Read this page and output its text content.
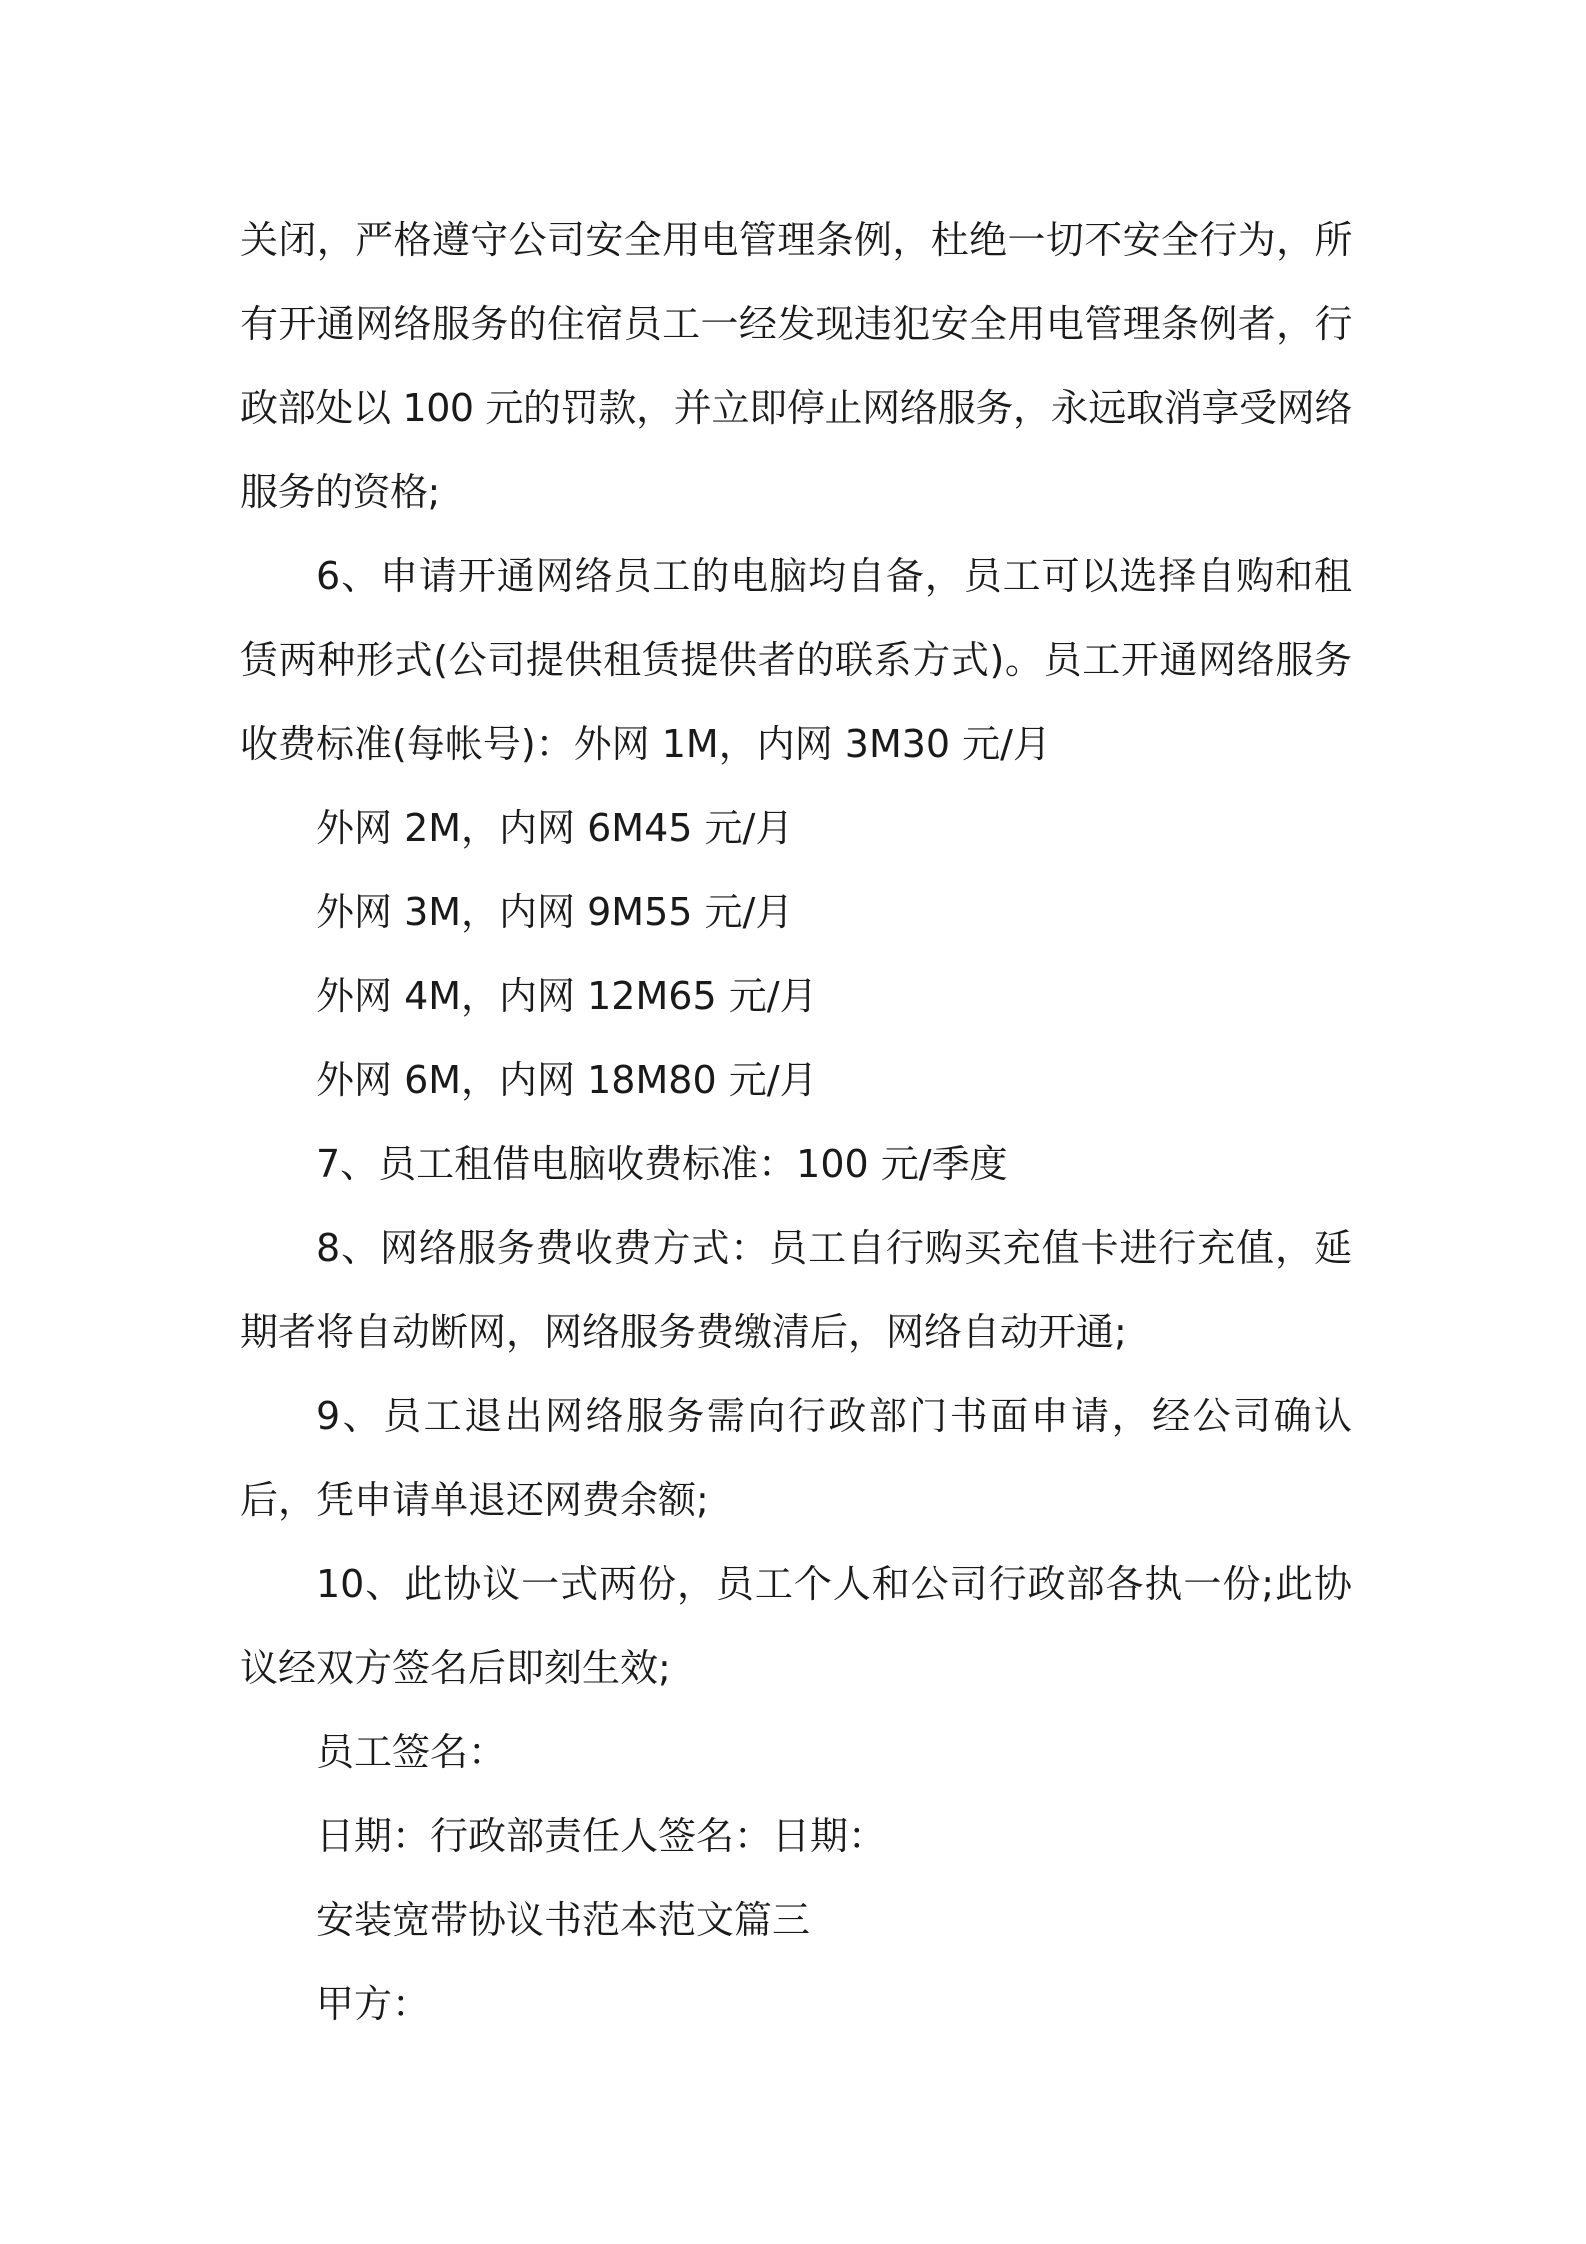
关闭，严格遵守公司安全用电管理条例，杜绝一切不安全行为，所有开通网络服务的住宿员工一经发现违犯安全用电管理条例者，行政部处以 100 元的罚款，并立即停止网络服务，永远取消享受网络服务的资格;

6、申请开通网络员工的电脑均自备，员工可以选择自购和租赁两种形式(公司提供租赁提供者的联系方式)。员工开通网络服务收费标准(每帐号)：外网 1M，内网 3M30 元/月

外网 2M，内网 6M45 元/月

外网 3M，内网 9M55 元/月

外网 4M，内网 12M65 元/月

外网 6M，内网 18M80 元/月

7、员工租借电脑收费标准：100 元/季度

8、网络服务费收费方式：员工自行购买充值卡进行充值，延期者将自动断网，网络服务费缴清后，网络自动开通;

9、员工退出网络服务需向行政部门书面申请，经公司确认后，凭申请单退还网费余额;

10、此协议一式两份，员工个人和公司行政部各执一份;此协议经双方签名后即刻生效;

员工签名：

日期：行政部责任人签名：日期：

安装宽带协议书范本范文篇三

甲方：
